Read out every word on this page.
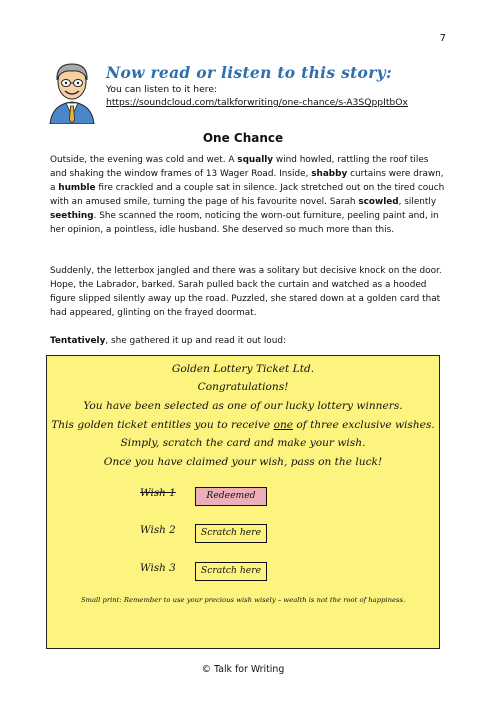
7
Now read or listen to this story:
You can listen to it here:
https://soundcloud.com/talkforwriting/one-chance/s-A3SQppItbOx
One Chance

Outside, the evening was cold and wet. A squally wind howled, rattling the roof tiles and shaking the window frames of 13 Wager Road. Inside, shabby curtains were drawn, a humble fire crackled and a couple sat in silence. Jack stretched out on the tired couch with an amused smile, turning the page of his favourite novel. Sarah scowled, silently seething. She scanned the room, noticing the worn-out furniture, peeling paint and, in her opinion, a pointless, idle husband. She deserved so much more than this.

Suddenly, the letterbox jangled and there was a solitary but decisive knock on the door. Hope, the Labrador, barked. Sarah pulled back the curtain and watched as a hooded figure slipped silently away up the road. Puzzled, she stared down at a golden card that had appeared, glinting on the frayed doormat.

Tentatively, she gathered it up and read it out loud:

Golden Lottery Ticket Ltd.
Congratulations!
You have been selected as one of our lucky lottery winners.
This golden ticket entitles you to receive one of three exclusive wishes.
Simply, scratch the card and make your wish.
Once you have claimed your wish, pass on the luck!
Wish 1	Redeemed
Wish 2	Scratch here
Wish 3	Scratch here
Small print: Remember to use your precious wish wisely – wealth is not the root of happiness.
© Talk for Writing
